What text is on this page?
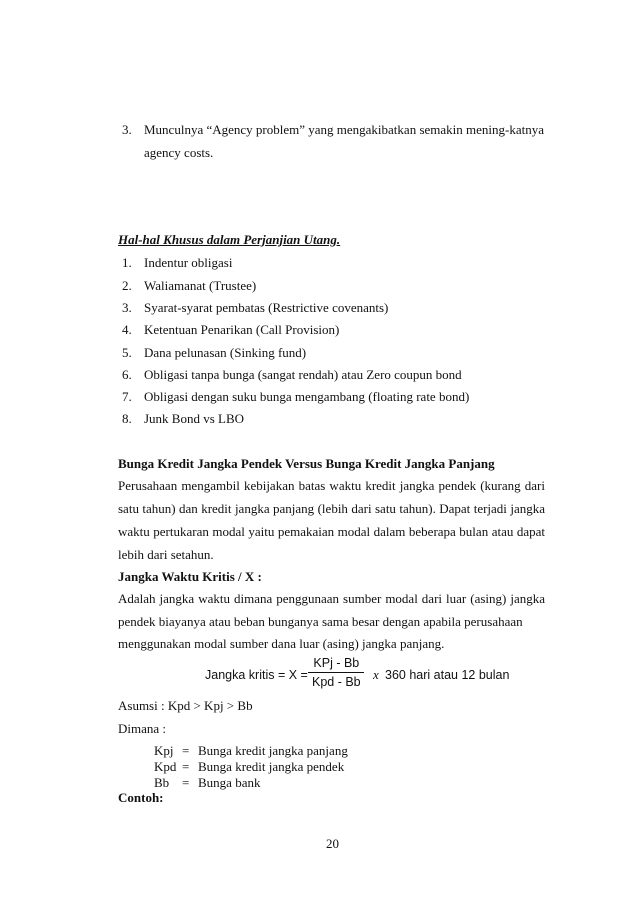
3. Munculnya “Agency problem” yang mengakibatkan semakin mening-katnya
agency costs.
Hal-hal Khusus dalam Perjanjian Utang.
1. Indentur obligasi
2. Waliamanat (Trustee)
3. Syarat-syarat pembatas (Restrictive covenants)
4. Ketentuan Penarikan (Call Provision)
5. Dana pelunasan (Sinking fund)
6. Obligasi tanpa bunga (sangat rendah) atau Zero coupun bond
7. Obligasi dengan suku bunga mengambang (floating rate bond)
8. Junk Bond vs LBO
Bunga Kredit Jangka Pendek Versus Bunga Kredit Jangka Panjang
Perusahaan mengambil kebijakan batas waktu kredit jangka pendek (kurang dari
satu tahun) dan kredit jangka panjang (lebih dari satu tahun). Dapat terjadi jangka
waktu pertukaran modal yaitu pemakaian modal dalam beberapa bulan atau dapat
lebih dari setahun.
Jangka Waktu Kritis / X :
Adalah jangka waktu dimana penggunaan sumber modal dari luar (asing) jangka
pendek biayanya atau beban bunganya sama besar dengan apabila perusahaan
menggunakan modal sumber dana luar (asing) jangka panjang.
Jangka kritis = X =
KPj - Bb
Kpd - Bb x 360 hari atau 12 bulan
Asumsi : Kpd > Kpj > Bb
Dimana :
Kpj = Bunga kredit jangka panjang
Kpd = Bunga kredit jangka pendek
Bb = Bunga bank
Contoh:
20
